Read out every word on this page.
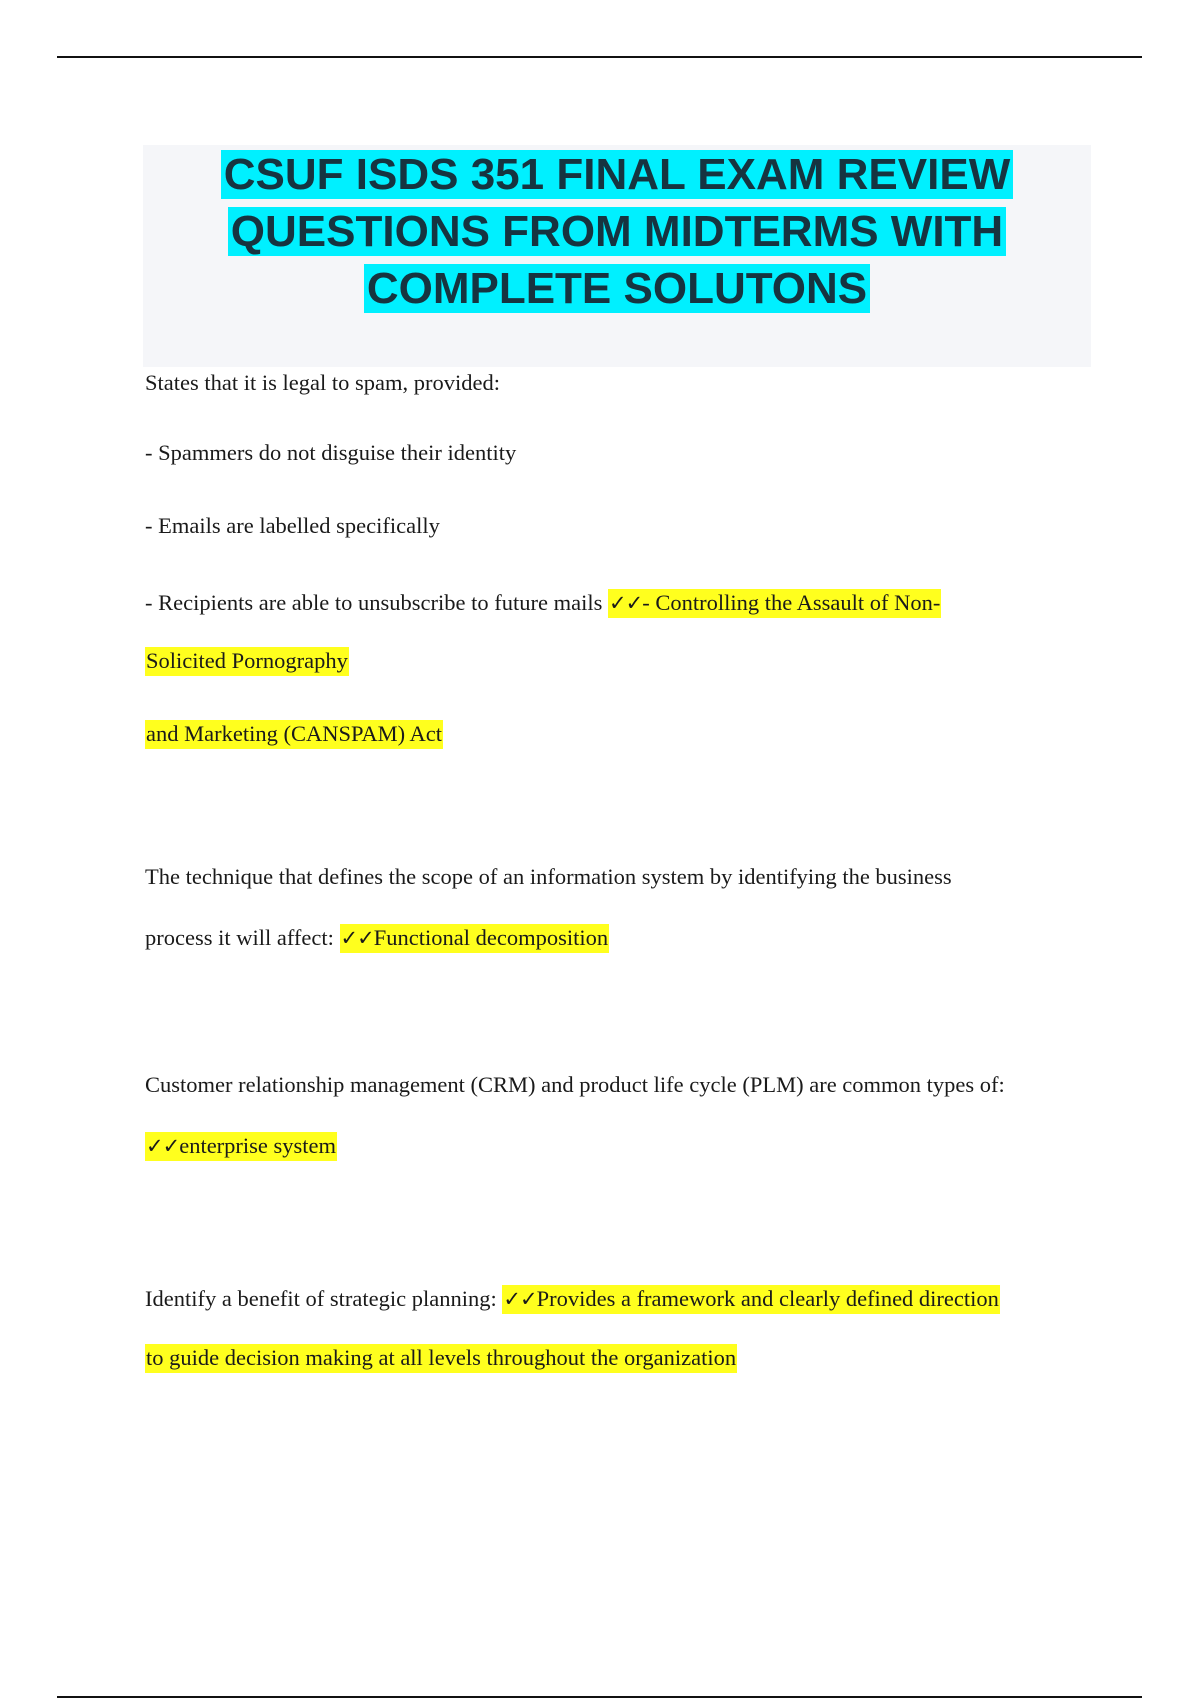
CSUF ISDS 351 FINAL EXAM REVIEW
QUESTIONS FROM MIDTERMS WITH
COMPLETE SOLUTONS
States that it is legal to spam, provided:
- Spammers do not disguise their identity
- Emails are labelled specifically
- Recipients are able to unsubscribe to future mails ✓✓- Controlling the Assault of Non-
Solicited Pornography
and Marketing (CANSPAM) Act
The technique that defines the scope of an information system by identifying the business
process it will affect: ✓✓Functional decomposition
Customer relationship management (CRM) and product life cycle (PLM) are common types of:
✓✓enterprise system
Identify a benefit of strategic planning: ✓✓Provides a framework and clearly defined direction
to guide decision making at all levels throughout the organization
